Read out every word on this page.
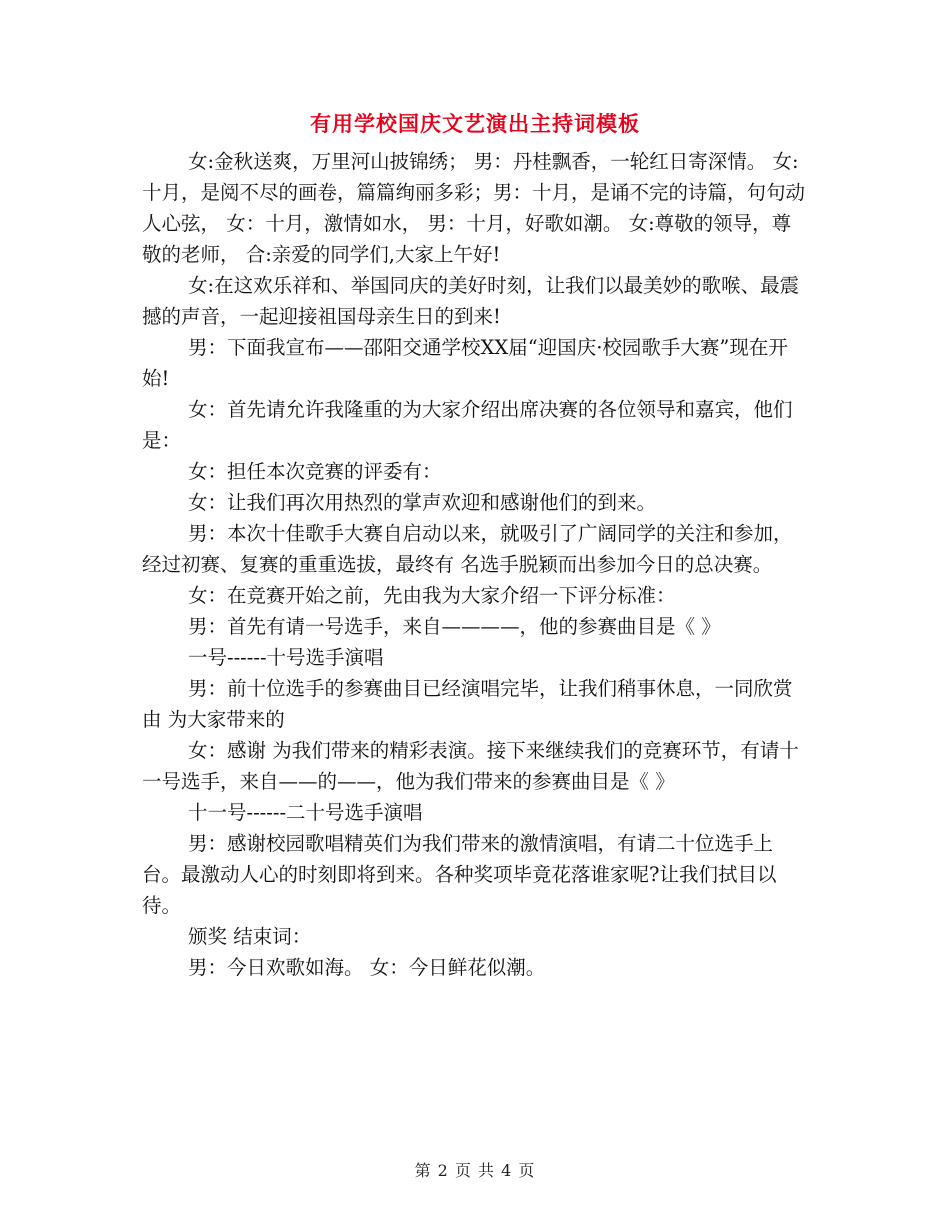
有用学校国庆文艺演出主持词模板

女:金秋送爽，万里河山披锦绣； 男：丹桂飘香，一轮红日寄深情。 女:十月，是阅不尽的画卷，篇篇绚丽多彩；男：十月，是诵不完的诗篇，句句动人心弦， 女：十月，激情如水， 男：十月，好歌如潮。 女:尊敬的领导，尊敬的老师， 合:亲爱的同学们,大家上午好!

女:在这欢乐祥和、举国同庆的美好时刻，让我们以最美妙的歌喉、最震撼的声音，一起迎接祖国母亲生日的到来!

男：下面我宣布——邵阳交通学校XX届“迎国庆·校园歌手大赛”现在开始!

女：首先请允许我隆重的为大家介绍出席决赛的各位领导和嘉宾，他们是：

女：担任本次竞赛的评委有：

女：让我们再次用热烈的掌声欢迎和感谢他们的到来。

男：本次十佳歌手大赛自启动以来，就吸引了广阔同学的关注和参加，经过初赛、复赛的重重选拔，最终有 名选手脱颖而出参加今日的总决赛。

女：在竞赛开始之前，先由我为大家介绍一下评分标准：

男：首先有请一号选手，来自————，他的参赛曲目是《 》

一号------十号选手演唱

男：前十位选手的参赛曲目已经演唱完毕，让我们稍事休息，一同欣赏由 为大家带来的

女：感谢 为我们带来的精彩表演。接下来继续我们的竞赛环节，有请十一号选手，来自——的——，他为我们带来的参赛曲目是《 》

十一号------二十号选手演唱

男：感谢校园歌唱精英们为我们带来的激情演唱，有请二十位选手上台。最激动人心的时刻即将到来。各种奖项毕竟花落谁家呢?让我们拭目以待。

颁奖 结束词：

男：今日欢歌如海。 女：今日鲜花似潮。

第 2 页 共 4 页
